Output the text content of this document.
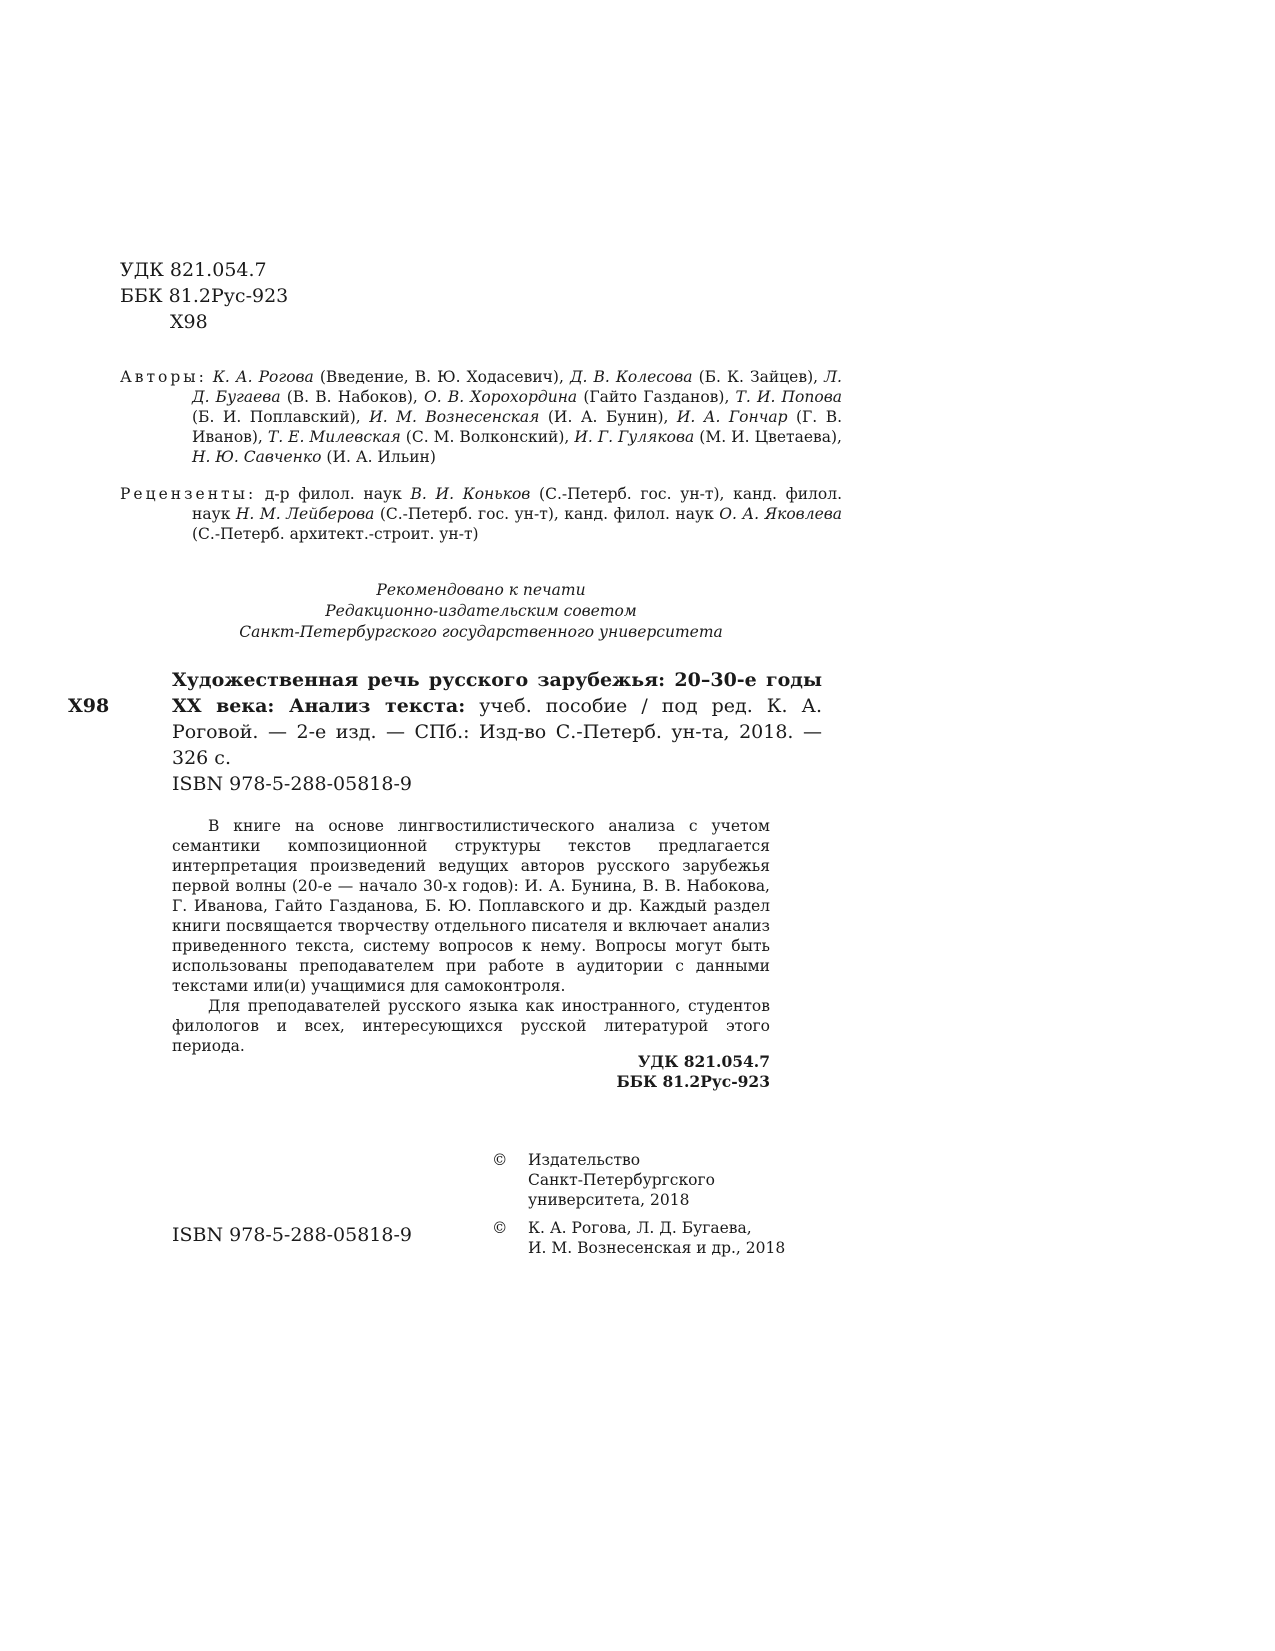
УДК 821.054.7
ББК 81.2Рус-923
Х98
Авторы: К. А. Рогова (Введение, В. Ю. Ходасевич), Д. В. Колесова (Б. К. Зайцев), Л. Д. Бугаева (В. В. Набоков), О. В. Хорохордина (Гайто Газданов), Т. И. Попова (Б. И. Поплавский), И. М. Вознесенская (И. А. Бунин), И. А. Гончар (Г. В. Иванов), Т. Е. Милевская (С. М. Волконский), И. Г. Гулякова (М. И. Цветаева), Н. Ю. Савченко (И. А. Ильин)
Рецензенты: д-р филол. наук В. И. Коньков (С.-Петерб. гос. ун-т), канд. филол. наук Н. М. Лейберова (С.-Петерб. гос. ун-т), канд. филол. наук О. А. Яковлева (С.-Петерб. архитект.-строит. ун-т)
Рекомендовано к печати
Редакционно-издательским советом
Санкт-Петербургского государственного университета
Х98
Художественная речь русского зарубежья: 20–30-е годы XX века: Анализ текста: учеб. пособие / под ред. К. А. Роговой. — 2-е изд. — СПб.: Изд-во С.-Петерб. ун-та, 2018. — 326 с.
ISBN 978-5-288-05818-9

В книге на основе лингвостилистического анализа с учетом семантики композиционной структуры текстов предлагается интерпретация произведений ведущих авторов русского зарубежья первой волны (20-е — начало 30-х годов): И. А. Бунина, В. В. Набокова, Г. Иванова, Гайто Газданова, Б. Ю. Поплавского и др. Каждый раздел книги посвящается творчеству отдельного писателя и включает анализ приведенного текста, систему вопросов к нему. Вопросы могут быть использованы преподавателем при работе в аудитории с данными текстами или(и) учащимися для самоконтроля.

Для преподавателей русского языка как иностранного, студентов филологов и всех, интересующихся русской литературой этого периода.

УДК 821.054.7
ББК 81.2Рус-923
ISBN 978-5-288-05818-9
© Издательство
Санкт-Петербургского
университета, 2018
© К. А. Рогова, Л. Д. Бугаева,
И. М. Вознесенская и др., 2018
